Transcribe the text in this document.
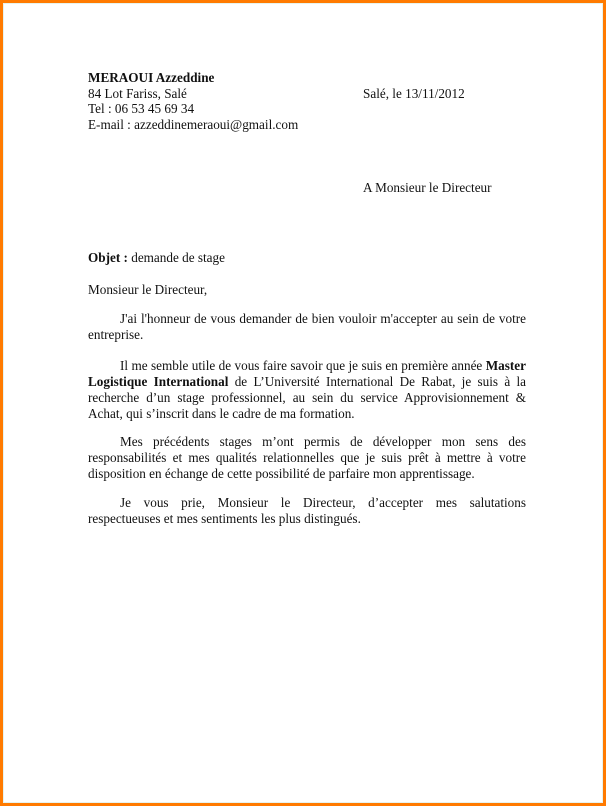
MERAOUI Azzeddine
84 Lot Fariss, Salé
Tel : 06 53 45 69 34
E-mail : azzeddinemeraoui@gmail.com
Salé, le 13/11/2012
A Monsieur le Directeur
Objet : demande de stage
Monsieur le Directeur,
J'ai l'honneur de vous demander de bien vouloir m'accepter au sein de votre entreprise.
Il me semble utile de vous faire savoir que je suis en première année Master Logistique International de L’Université International De Rabat, je suis à la recherche d’un stage professionnel, au sein du service Approvisionnement & Achat, qui s’inscrit dans le cadre de ma formation.
Mes précédents stages m’ont permis de développer mon sens des responsabilités et mes qualités relationnelles que je suis prêt à mettre à votre disposition en échange de cette possibilité de parfaire mon apprentissage.
Je vous prie, Monsieur le Directeur, d’accepter mes salutations respectueuses et mes sentiments les plus distingués.
